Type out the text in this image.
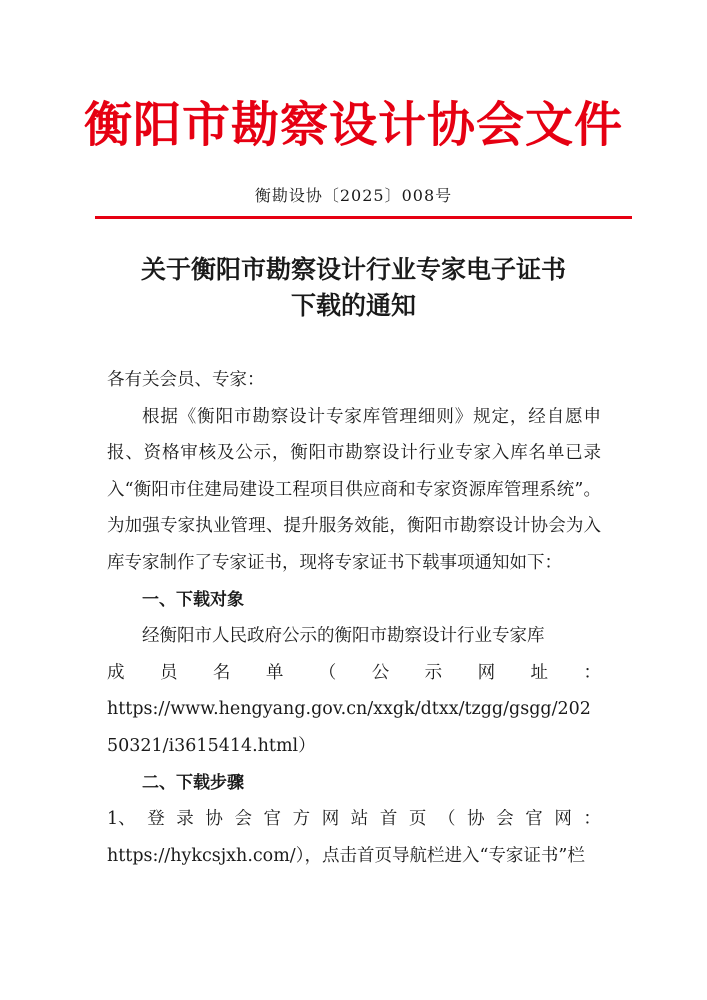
衡阳市勘察设计协会文件
衡勘设协〔2025〕008号
关于衡阳市勘察设计行业专家电子证书
下载的通知

各有关会员、专家：

根据《衡阳市勘察设计专家库管理细则》规定，经自愿申报、资格审核及公示，衡阳市勘察设计行业专家入库名单已录入“衡阳市住建局建设工程项目供应商和专家资源库管理系统”。为加强专家执业管理、提升服务效能，衡阳市勘察设计协会为入库专家制作了专家证书，现将专家证书下载事项通知如下：

一、下载对象

经衡阳市人民政府公示的衡阳市勘察设计行业专家库

成 员 名 单 （ 公 示 网 址 ：

https://www.hengyang.gov.cn/xxgk/dtxx/tzgg/gsgg/20250321/i3615414.html）

二、下载步骤

1、 登 录 协 会 官 方 网 站 首 页 （ 协 会 官 网 ：

https://hykcsjxh.com/），点击首页导航栏进入“专家证书”栏
